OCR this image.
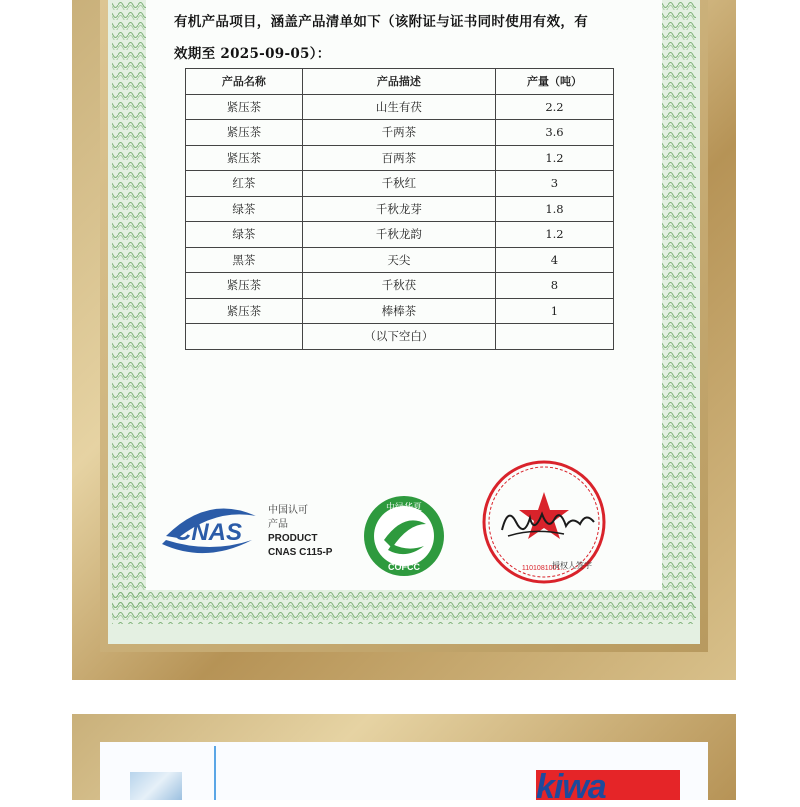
有机产品项目，涵盖产品清单如下（该附证与证书同时使用有效，有
效期至 2025-09-05）：
产品名称	产品描述	产量（吨）
紧压茶	山生有茯	2.2
紧压茶	千两茶	3.6
紧压茶	百两茶	1.2
红茶	千秋红	3
绿茶	千秋龙芽	1.8
绿茶	千秋龙韵	1.2
黑茶	天尖	4
紧压茶	千秋茯	8
紧压茶	棒棒茶	1
	（以下空白）	
CNAS
中国认可
产品
PRODUCT
CNAS C115-P
中绿华夏
COFCC	1101081001...
授权人签字
kiwa
